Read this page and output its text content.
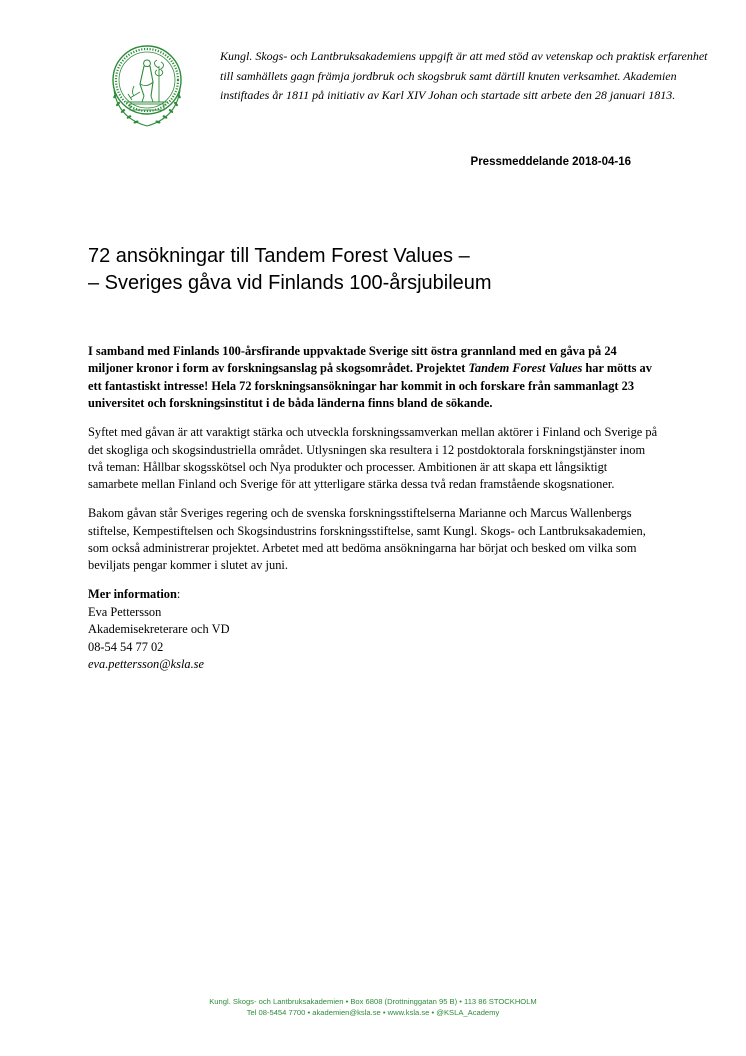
Kungl. Skogs- och Lantbruksakademiens uppgift är att med stöd av vetenskap och praktisk erfarenhet till samhällets gagn främja jordbruk och skogsbruk samt därtill knuten verksamhet. Akademien instiftades år 1811 på initiativ av Karl XIV Johan och startade sitt arbete den 28 januari 1813.

Pressmeddelande 2018-04-16

72 ansökningar till Tandem Forest Values –
– Sveriges gåva vid Finlands 100-årsjubileum

I samband med Finlands 100-årsfirande uppvaktade Sverige sitt östra grannland med en gåva på 24 miljoner kronor i form av forskningsanslag på skogsområdet. Projektet Tandem Forest Values har mötts av ett fantastiskt intresse! Hela 72 forskningsansökningar har kommit in och forskare från sammanlagt 23 universitet och forskningsinstitut i de båda länderna finns bland de sökande.

Syftet med gåvan är att varaktigt stärka och utveckla forskningssamverkan mellan aktörer i Finland och Sverige på det skogliga och skogsindustriella området. Utlysningen ska resultera i 12 postdoktorala forskningstjänster inom två teman: Hållbar skogsskötsel och Nya produkter och processer. Ambitionen är att skapa ett långsiktigt samarbete mellan Finland och Sverige för att ytterligare stärka dessa två redan framstående skogsnationer.

Bakom gåvan står Sveriges regering och de svenska forskningsstiftelserna Marianne och Marcus Wallenbergs stiftelse, Kempestiftelsen och Skogsindustrins forskningsstiftelse, samt Kungl. Skogs- och Lantbruksakademien, som också administrerar projektet. Arbetet med att bedöma ansökningarna har börjat och besked om vilka som beviljats pengar kommer i slutet av juni.

Mer information:
Eva Pettersson
Akademisekreterare och VD
08-54 54 77 02
eva.pettersson@ksla.se
Kungl. Skogs- och Lantbruksakademien • Box 6808 (Drottninggatan 95 B) • 113 86 STOCKHOLM
Tel 08-5454 7700 • akademien@ksla.se • www.ksla.se • @KSLA_Academy
